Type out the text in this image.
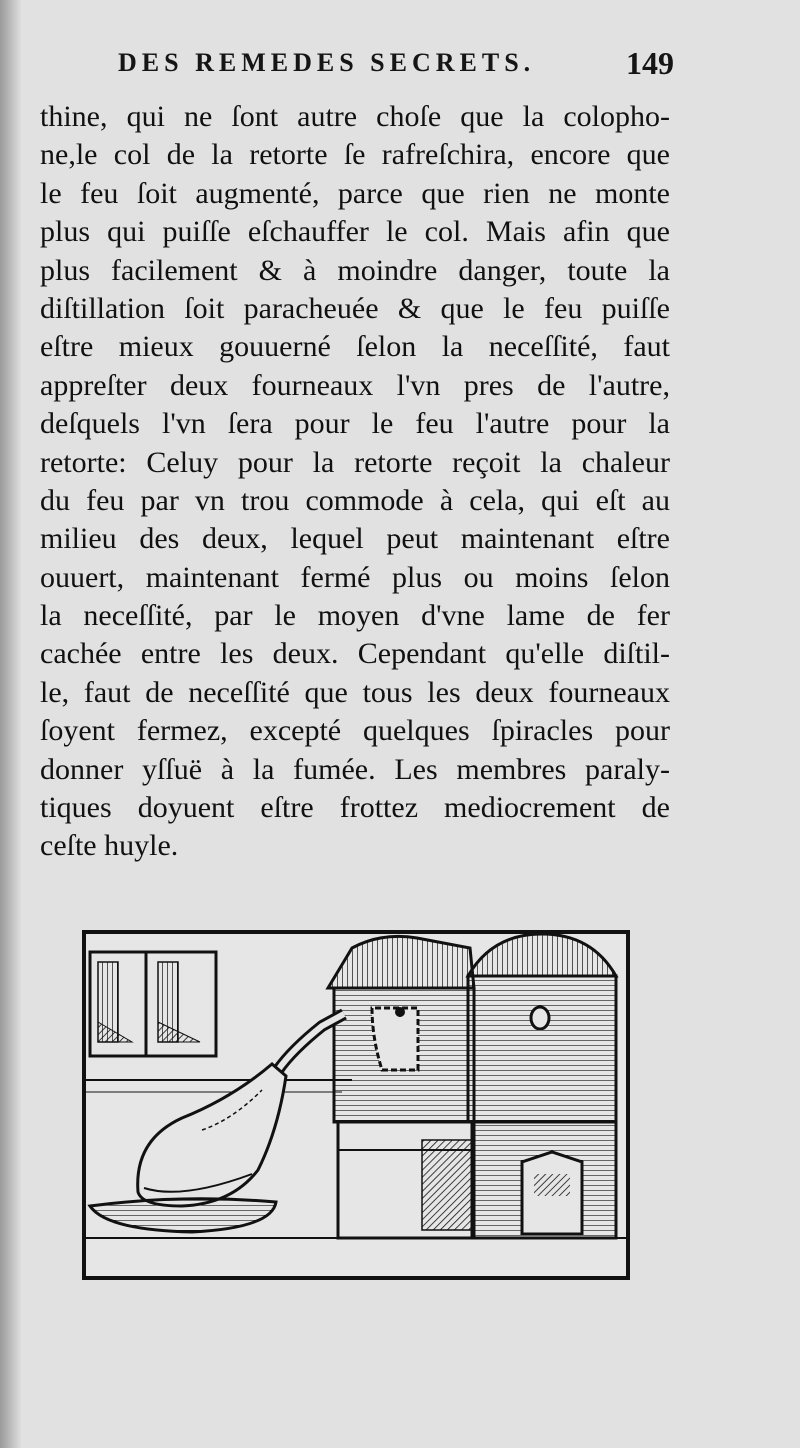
DES REMEDES SECRETS.	149
thine, qui ne ſont autre choſe que la colopho-
ne,le col de la retorte ſe rafreſchira, encore que
le feu ſoit augmenté, parce que rien ne monte
plus qui puiſſe eſchauffer le col. Mais afin que
plus facilement & à moindre danger, toute la
diſtillation ſoit paracheuée & que le feu puiſſe
eſtre mieux gouuerné ſelon la neceſſité, faut
appreſter deux fourneaux l'vn pres de l'autre,
deſquels l'vn ſera pour le feu l'autre pour la
retorte: Celuy pour la retorte reçoit la chaleur
du feu par vn trou commode à cela, qui eſt au
milieu des deux, lequel peut maintenant eſtre
ouuert, maintenant fermé plus ou moins ſelon
la neceſſité, par le moyen d'vne lame de fer
cachée entre les deux. Cependant qu'elle diſtil-
le, faut de neceſſité que tous les deux fourneaux
ſoyent fermez, excepté quelques ſpiracles pour
donner yſſuë à la fumée. Les membres paraly-
tiques doyuent eſtre frottez mediocrement de
ceſte huyle.
